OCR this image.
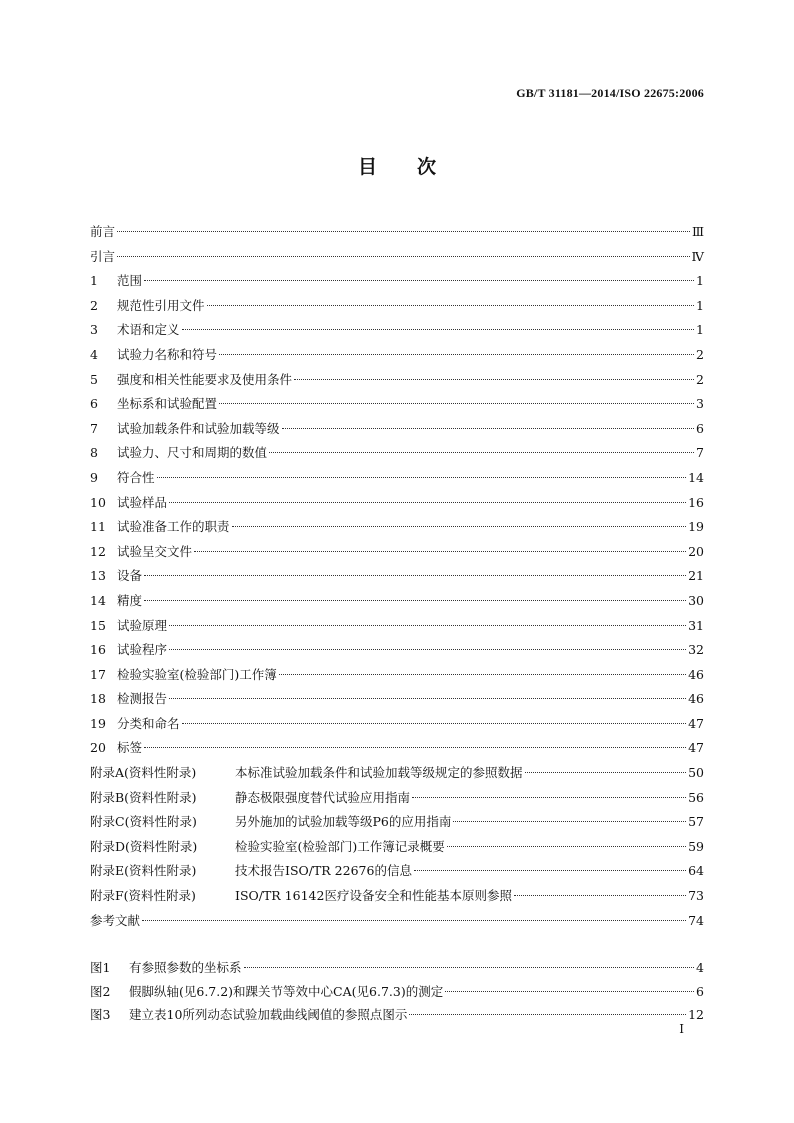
GB/T 31181—2014/ISO 22675:2006
目次
前言	Ⅲ
引言	Ⅳ
1	范围	1
2	规范性引用文件	1
3	术语和定义	1
4	试验力名称和符号	2
5	强度和相关性能要求及使用条件	2
6	坐标系和试验配置	3
7	试验加载条件和试验加载等级	6
8	试验力、尺寸和周期的数值	7
9	符合性	14
10 试验样品	16
11 试验准备工作的职责	19
12 试验呈交文件	20
13 设备	21
14 精度	30
15 试验原理	31
16 试验程序	32
17 检验实验室(检验部门)工作簿	46
18 检测报告	46
19 分类和命名	47
20 标签	47
附录A(资料性附录)	本标准试验加载条件和试验加载等级规定的参照数据	50
附录B(资料性附录)	静态极限强度替代试验应用指南	56
附录C(资料性附录)	另外施加的试验加载等级P6的应用指南	57
附录D(资料性附录)	检验实验室(检验部门)工作簿记录概要	59
附录E(资料性附录)	技术报告ISO/TR 22676的信息	64
附录F(资料性附录)	ISO/TR 16142医疗设备安全和性能基本原则参照	73
参考文献	74
图1	有参照参数的坐标系	4
图2	假脚纵轴(见6.7.2)和踝关节等效中心CA(见6.7.3)的测定	6
图3	建立表10所列动态试验加载曲线阈值的参照点图示	12
I
